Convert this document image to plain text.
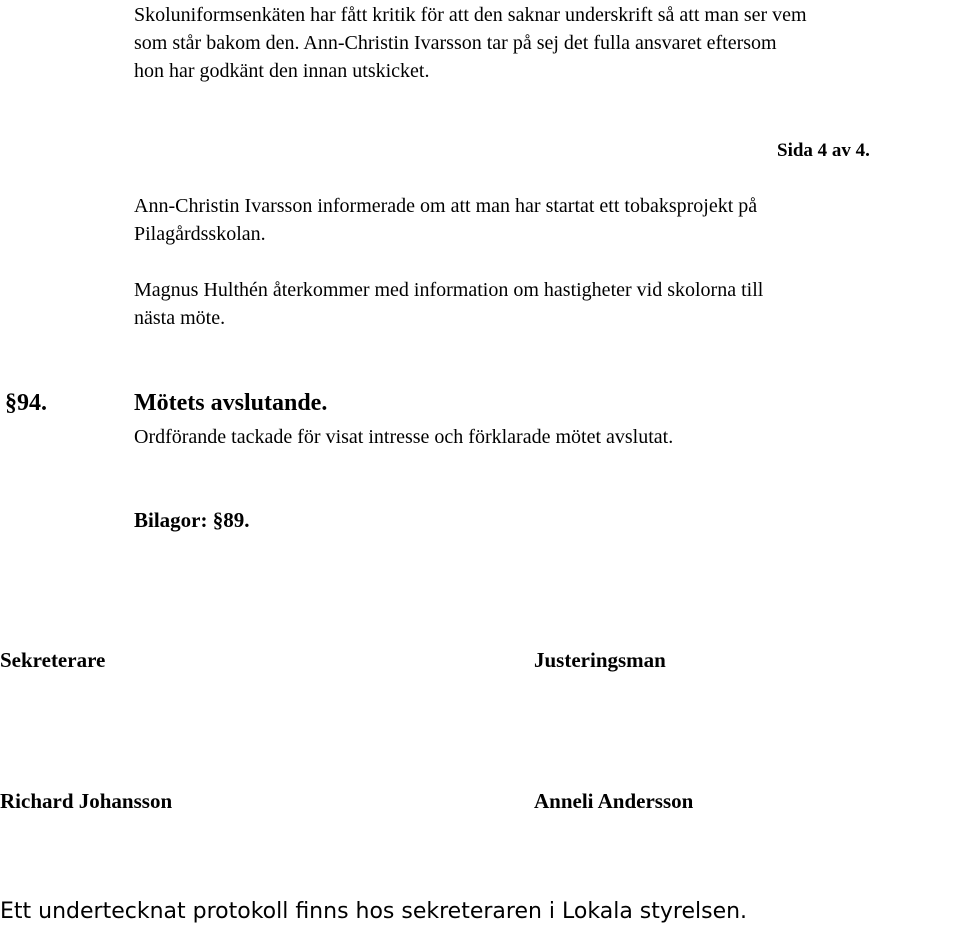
Skoluniformsenkäten har fått kritik för att den saknar underskrift så att man ser vem
som står bakom den. Ann-Christin Ivarsson tar på sej det fulla ansvaret eftersom
hon har godkänt den innan utskicket.
Sida 4 av 4.
Ann-Christin Ivarsson informerade om att man har startat ett tobaksprojekt på
Pilagårdsskolan.
Magnus Hulthén återkommer med information om hastigheter vid skolorna till
nästa möte.
§94.	Mötets avslutande.
Ordförande tackade för visat intresse och förklarade mötet avslutat.
Bilagor: §89.
Sekreterare	Justeringsman
Richard Johansson	Anneli Andersson
Ett undertecknat protokoll finns hos sekreteraren i Lokala styrelsen.
